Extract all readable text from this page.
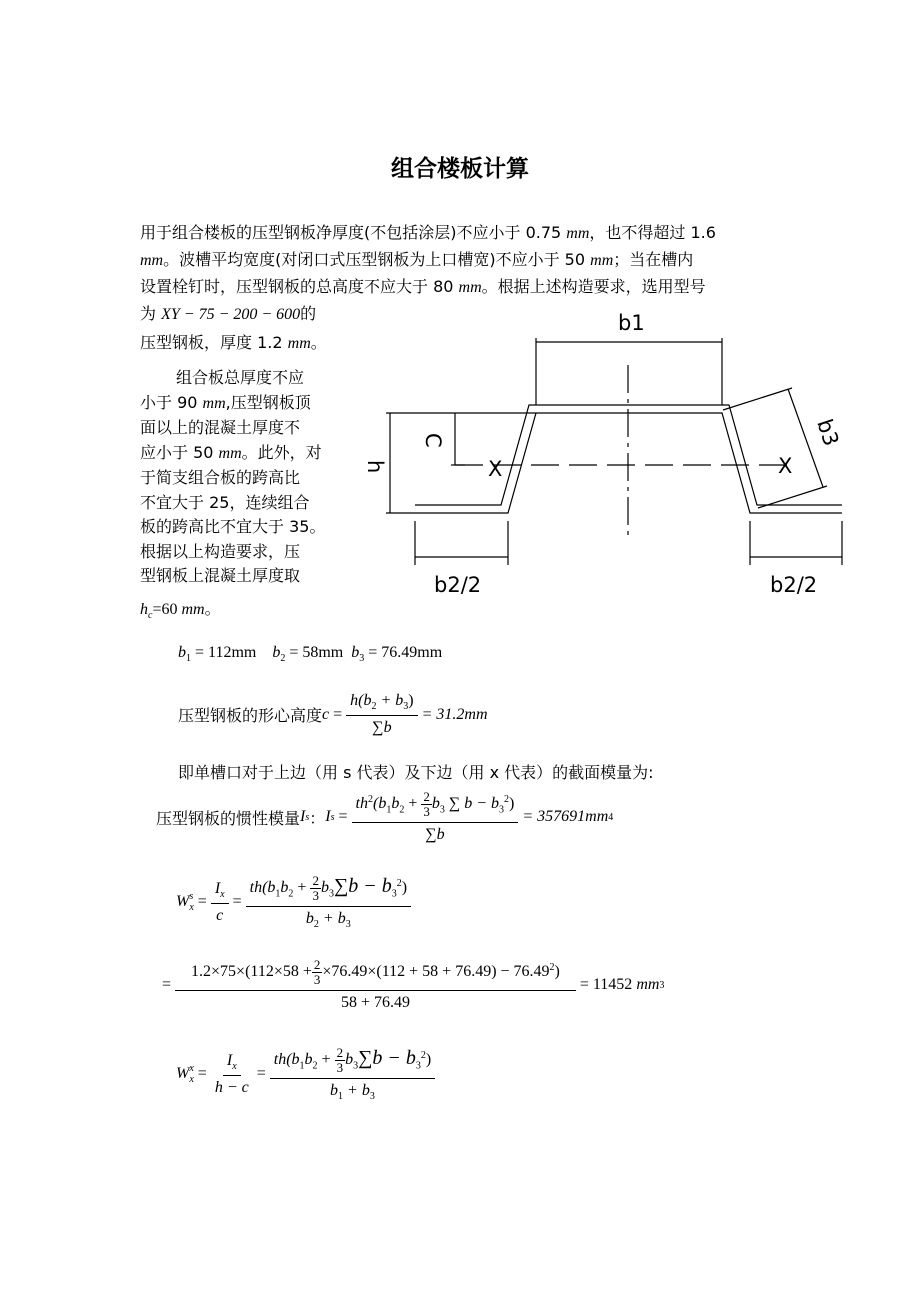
组合楼板计算
用于组合楼板的压型钢板净厚度(不包括涂层)不应小于 0.75 mm，也不得超过 1.6
mm。波槽平均宽度(对闭口式压型钢板为上口槽宽)不应小于 50 mm；当在槽内
设置栓钉时，压型钢板的总高度不应大于 80 mm。根据上述构造要求，选用型号
为 XY − 75 − 200 − 600的
压型钢板，厚度 1.2 mm。
组合板总厚度不应
小于 90 mm,压型钢板顶
面以上的混凝土厚度不
应小于 50 mm。此外，对
于简支组合板的跨高比
不宜大于 25，连续组合
板的跨高比不宜大于 35。
根据以上构造要求，压
型钢板上混凝土厚度取
$h_c=60$ mm。
b1
h
C
X	X
b3
b2/2	b2/2
$b_1 = 112mm$ $b_2 = 58mm$ $b_3 = 76.49mm$
压型钢板的形心高度 $c = \frac{h(b_2 + b_3)}{\sum b}$
= 31.2mm
即单槽口对于上边（用 s 代表）及下边（用 x 代表）的截面模量为:
压型钢板的惯性模量 I s ： I $s = \frac{th^2(b_1b_2 + \frac{2}{3} b_3 \sum b - b_3^2)}{\sum b}$
= 357691mm 4
W s
$x = \frac{I_x}{c} = \frac{th(b_1b_2 + \frac{2}{3} b_3\sum b - b_3^2)}{b_2 + b_3}$
= $\frac{1.2\times 75\times(112\times 58 + \frac{2}{3} \times 76.49\times(112 + 58 + 76.49) - 76.49^2)}{58 + 76.49}$
= 11452
mm 3
W x
$x = \frac{I_x}{h - c} = \frac{th(b_1b_2 + \frac{2}{3} b_3\sum b - b_3^2)}{b_1 + b_3}$
